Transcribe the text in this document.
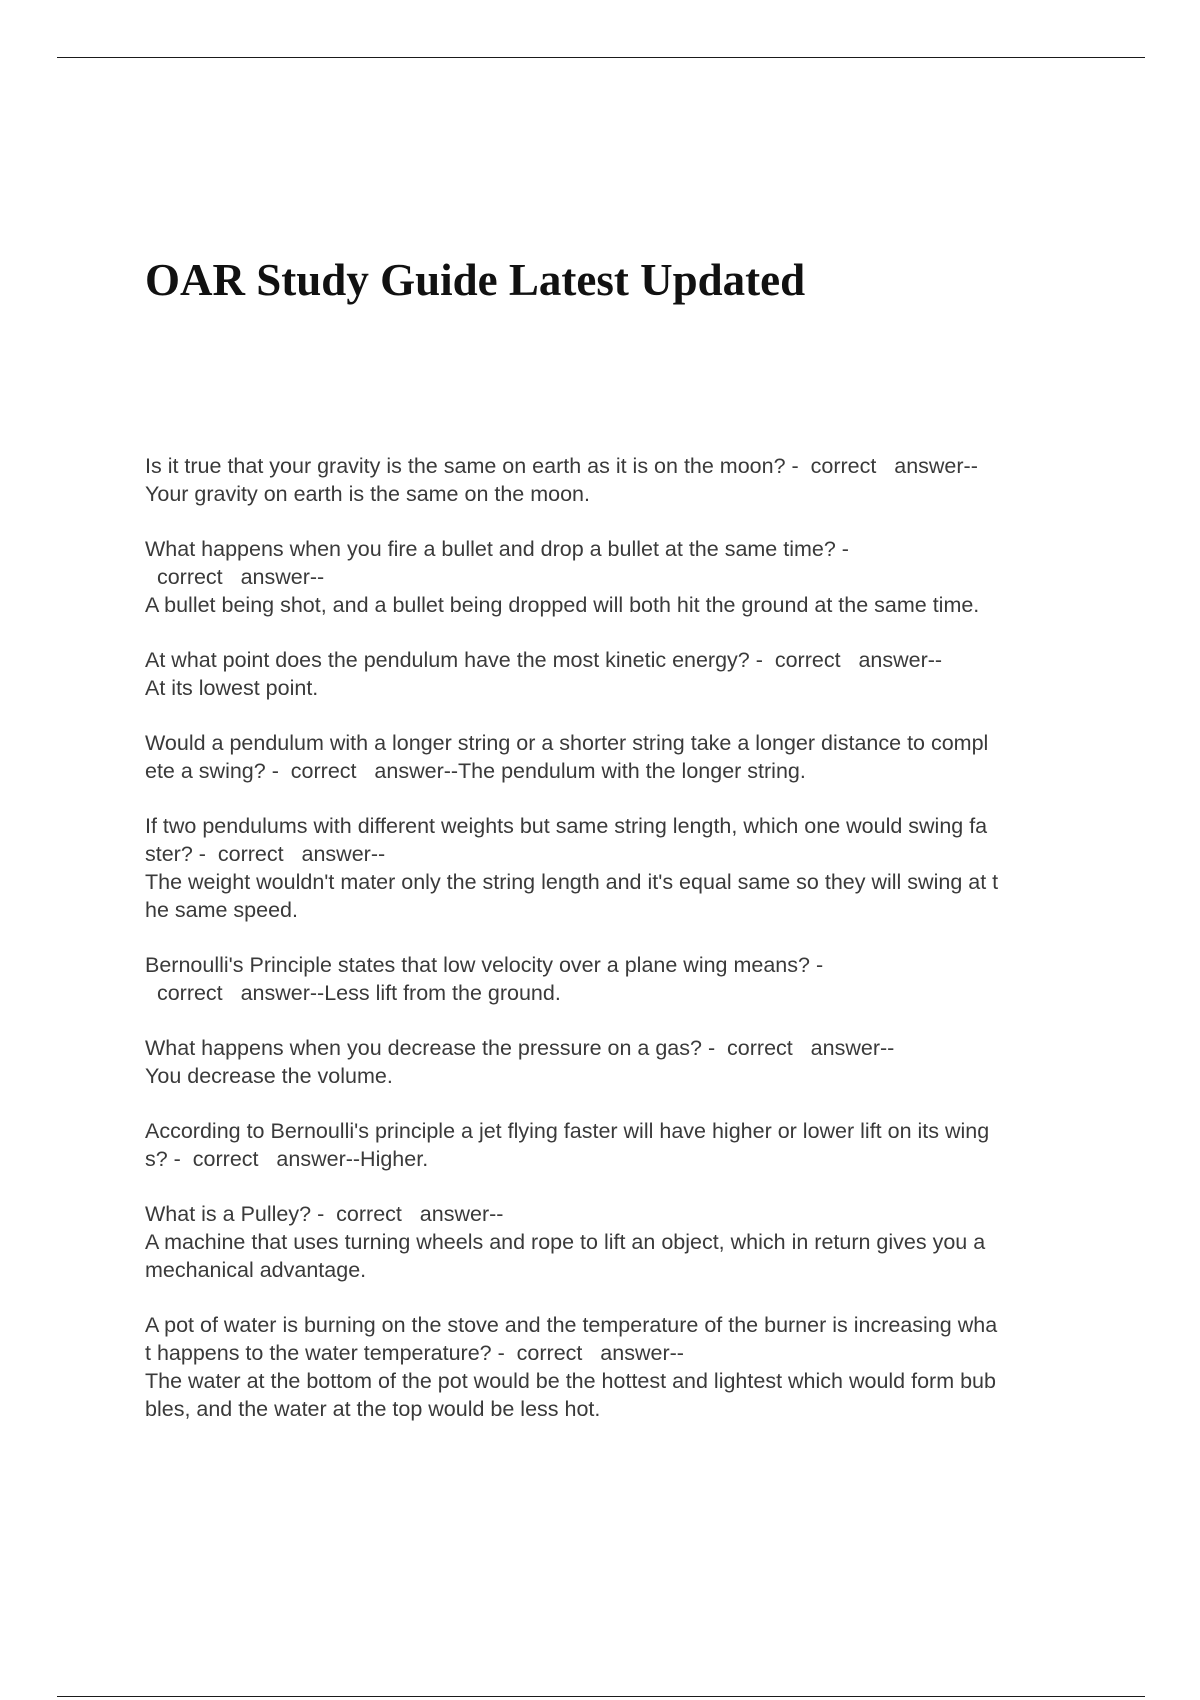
OAR Study Guide Latest Updated
Is it true that your gravity is the same on earth as it is on the moon? -  correct   answer--
Your gravity on earth is the same on the moon.
What happens when you fire a bullet and drop a bullet at the same time? -
correct   answer--
A bullet being shot, and a bullet being dropped will both hit the ground at the same time.
At what point does the pendulum have the most kinetic energy? -  correct   answer--
At its lowest point.
Would a pendulum with a longer string or a shorter string take a longer distance to compl
ete a swing? -  correct   answer--The pendulum with the longer string.
If two pendulums with different weights but same string length, which one would swing fa
ster? -  correct   answer--
The weight wouldn't mater only the string length and it's equal same so they will swing at t
he same speed.
Bernoulli's Principle states that low velocity over a plane wing means? -
correct   answer--Less lift from the ground.
What happens when you decrease the pressure on a gas? -  correct   answer--
You decrease the volume.
According to Bernoulli's principle a jet flying faster will have higher or lower lift on its wing
s? -  correct   answer--Higher.
What is a Pulley? -  correct   answer--
A machine that uses turning wheels and rope to lift an object, which in return gives you a
mechanical advantage.
A pot of water is burning on the stove and the temperature of the burner is increasing wha
t happens to the water temperature? -  correct   answer--
The water at the bottom of the pot would be the hottest and lightest which would form bub
bles, and the water at the top would be less hot.
